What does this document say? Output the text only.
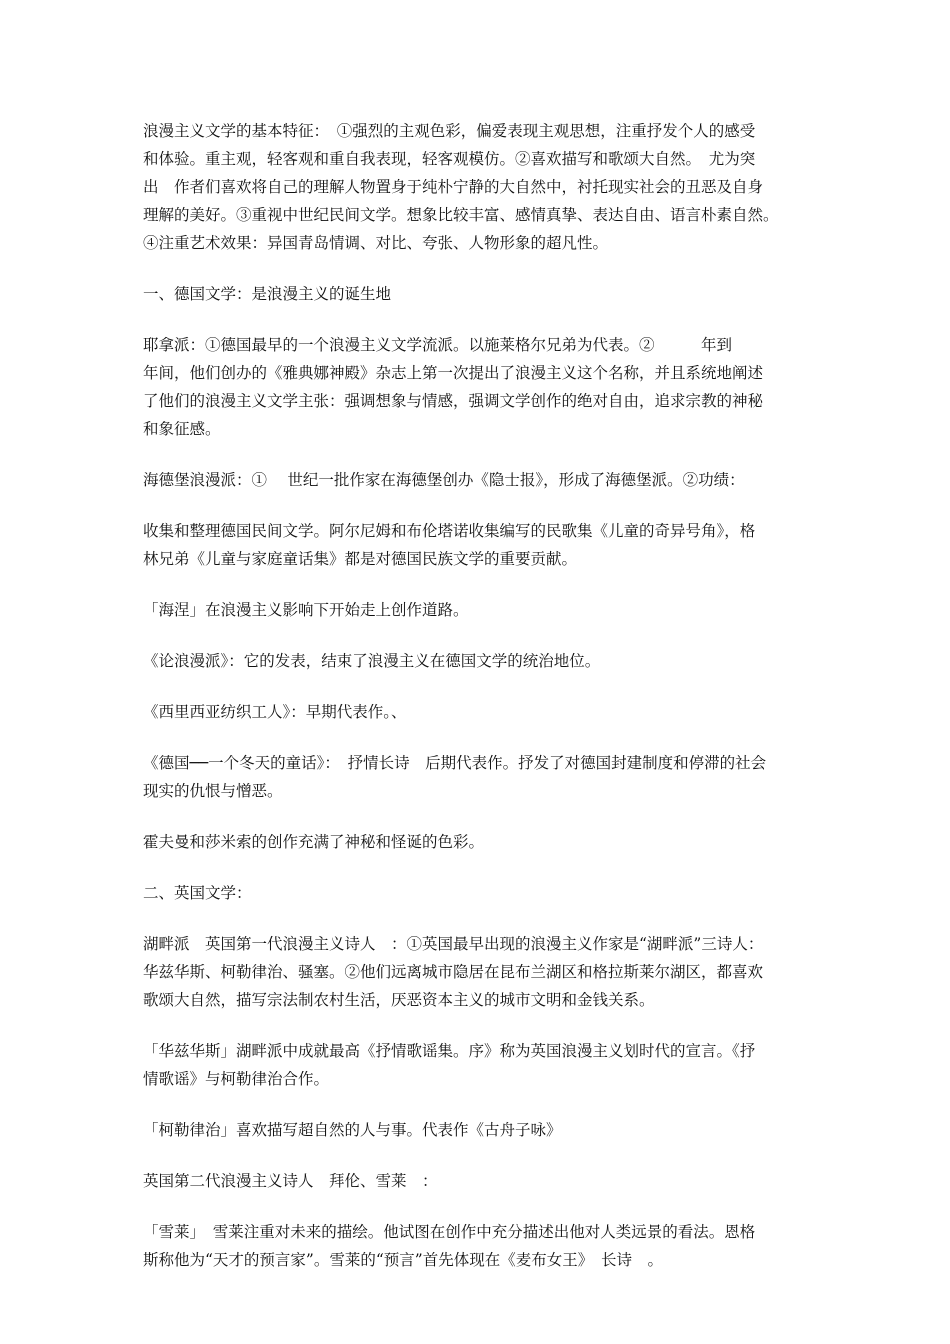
浪漫主义文学的基本特征：　①强烈的主观色彩，偏爱表现主观思想，注重抒发个人的感受
和体验。重主观，轻客观和重自我表现，轻客观模仿。②喜欢描写和歌颂大自然。　尤为突
出　作者们喜欢将自己的理解人物置身于纯朴宁静的大自然中，衬托现实社会的丑恶及自身
理解的美好。③重视中世纪民间文学。想象比较丰富、感情真挚、表达自由、语言朴素自然。
④注重艺术效果：异国青岛情调、对比、夸张、人物形象的超凡性。

一、德国文学：是浪漫主义的诞生地

耶拿派：①德国最早的一个浪漫主义文学流派。以施莱格尔兄弟为代表。②　　　年到
年间，他们创办的《雅典娜神殿》杂志上第一次提出了浪漫主义这个名称，并且系统地阐述
了他们的浪漫主义文学主张：强调想象与情感，强调文学创作的绝对自由，追求宗教的神秘
和象征感。

海德堡浪漫派：①　 世纪一批作家在海德堡创办《隐士报》，形成了海德堡派。②功绩：

收集和整理德国民间文学。阿尔尼姆和布伦塔诺收集编写的民歌集《儿童的奇异号角》，格
林兄弟《儿童与家庭童话集》都是对德国民族文学的重要贡献。

「海涅」在浪漫主义影响下开始走上创作道路。

《论浪漫派》：它的发表，结束了浪漫主义在德国文学的统治地位。

《西里西亚纺织工人》：早期代表作。、

《德国──一个冬天的童话》：　抒情长诗　后期代表作。抒发了对德国封建制度和停滞的社会
现实的仇恨与憎恶。

霍夫曼和莎米索的创作充满了神秘和怪诞的色彩。

二、英国文学：

湖畔派　英国第一代浪漫主义诗人　：①英国最早出现的浪漫主义作家是“湖畔派”三诗人：
华兹华斯、柯勒律治、骚塞。②他们远离城市隐居在昆布兰湖区和格拉斯莱尔湖区，都喜欢
歌颂大自然，描写宗法制农村生活，厌恶资本主义的城市文明和金钱关系。

「华兹华斯」湖畔派中成就最高《抒情歌谣集。序》称为英国浪漫主义划时代的宣言。《抒
情歌谣》与柯勒律治合作。

「柯勒律治」喜欢描写超自然的人与事。代表作《古舟子咏》

英国第二代浪漫主义诗人　拜伦、雪莱　：

「雪莱」　雪莱注重对未来的描绘。他试图在创作中充分描述出他对人类远景的看法。恩格
斯称他为“天才的预言家”。雪莱的“预言”首先体现在《麦布女王》　长诗　。
